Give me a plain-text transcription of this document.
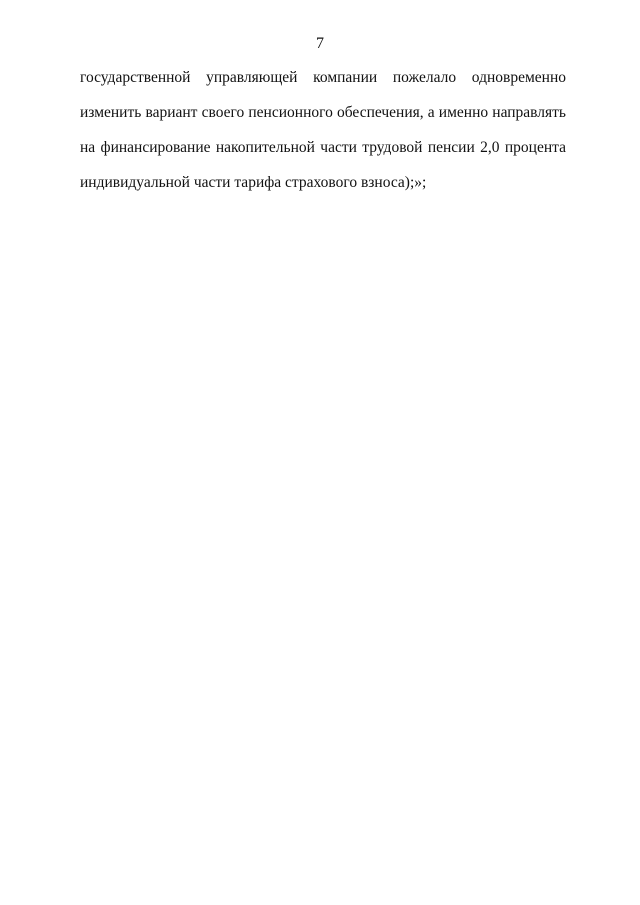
7

государственной управляющей компании пожелало одновременно изменить вариант своего пенсионного обеспечения, а именно направлять на финансирование накопительной части трудовой пенсии 2,0 процента индивидуальной части тарифа страхового взноса);»;
